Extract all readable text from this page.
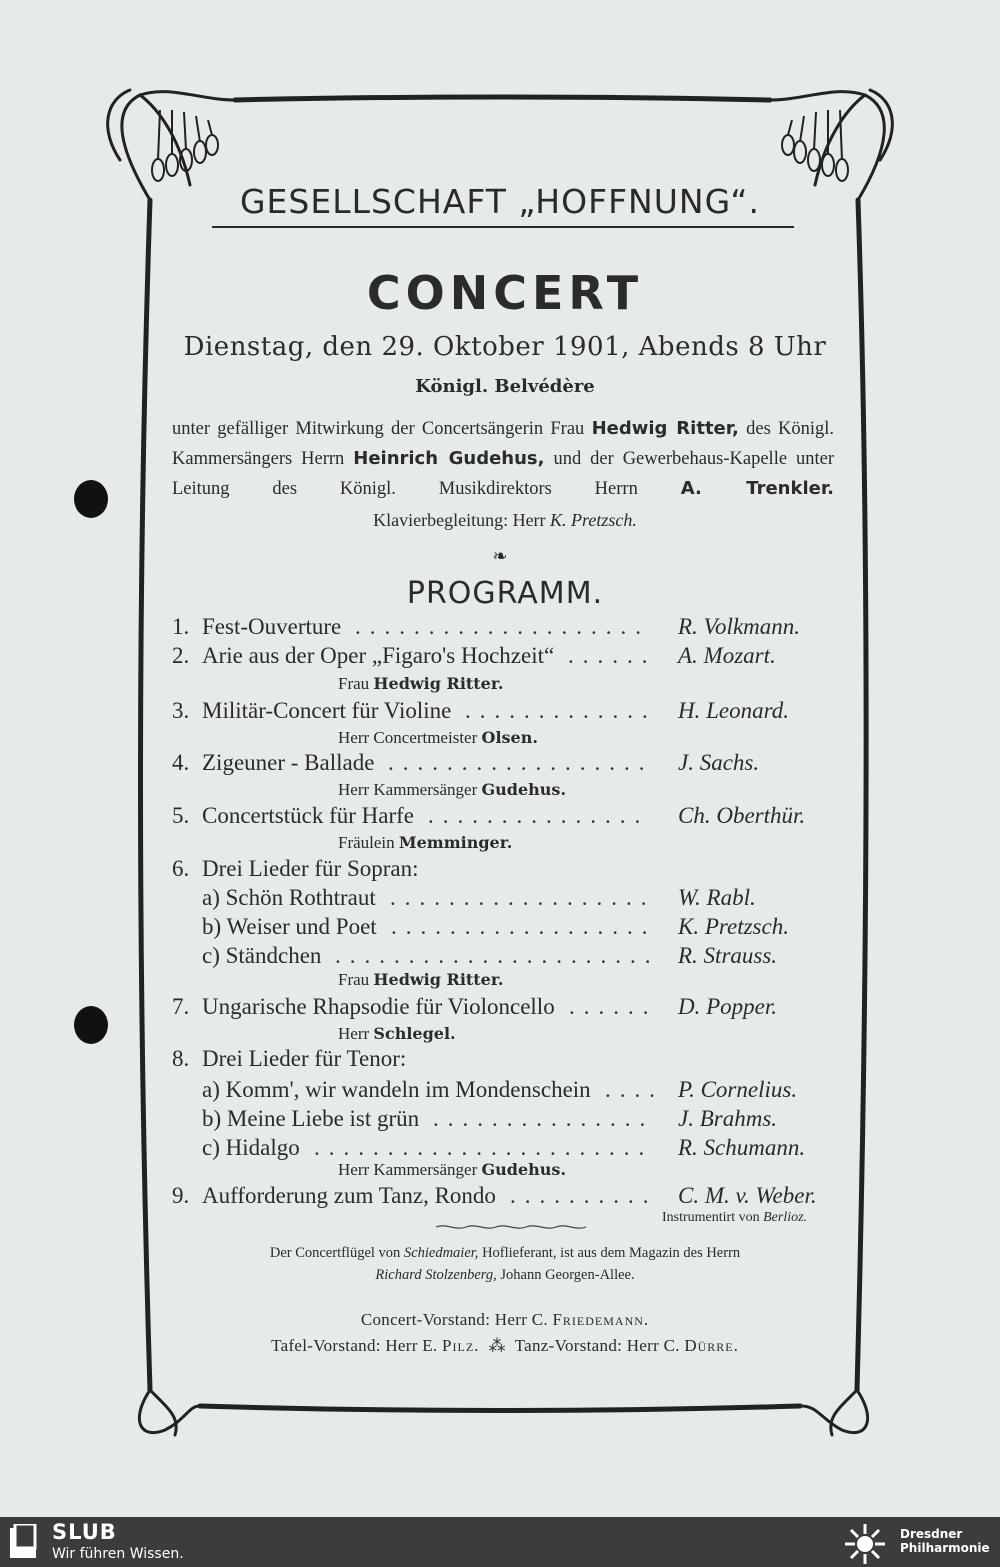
GESELLSCHAFT „HOFFNUNG“.
CONCERT
Dienstag, den 29. Oktober 1901, Abends 8 Uhr
Königl. Belvédère
unter gefälliger Mitwirkung der Concertsängerin Frau Hedwig Ritter, des Königl. Kammersängers Herrn Heinrich Gudehus, und der Gewerbehaus-Kapelle unter Leitung des Königl. Musikdirektors Herrn A. Trenkler.
Klavierbegleitung: Herr K. Pretzsch.
❧
PROGRAMM.
1. Fest-Ouverture .................... R. Volkmann.
2. Arie aus der Oper „Figaro's Hochzeit“ ...... A. Mozart.
Frau Hedwig Ritter.
3. Militär-Concert für Violine ............. H. Leonard.
Herr Concertmeister Olsen.
4. Zigeuner - Ballade .................. J. Sachs.
Herr Kammersänger Gudehus.
5. Concertstück für Harfe ............... Ch. Oberthür.
Fräulein Memminger.
6. Drei Lieder für Sopran:
a) Schön Rothtraut .................. W. Rabl.
b) Weiser und Poet .................. K. Pretzsch.
c) Ständchen ...................... R. Strauss.
Frau Hedwig Ritter.
7. Ungarische Rhapsodie für Violoncello ...... D. Popper.
Herr Schlegel.
8. Drei Lieder für Tenor:
a) Komm', wir wandeln im Mondenschein .... P. Cornelius.
b) Meine Liebe ist grün ............... J. Brahms.
c) Hidalgo ....................... R. Schumann.
Herr Kammersänger Gudehus.
9. Aufforderung zum Tanz, Rondo .......... C. M. v. Weber.
Instrumentirt von Berlioz.
Der Concertflügel von Schiedmaier, Hoflieferant, ist aus dem Magazin des Herrn
Richard Stolzenberg, Johann Georgen-Allee.
Concert-Vorstand: Herr C. Friedemann.
Tafel-Vorstand: Herr E. Pilz. ⁂ Tanz-Vorstand: Herr C. Dürre.
SLUB
Wir führen Wissen.
Dresdner
Philharmonie
